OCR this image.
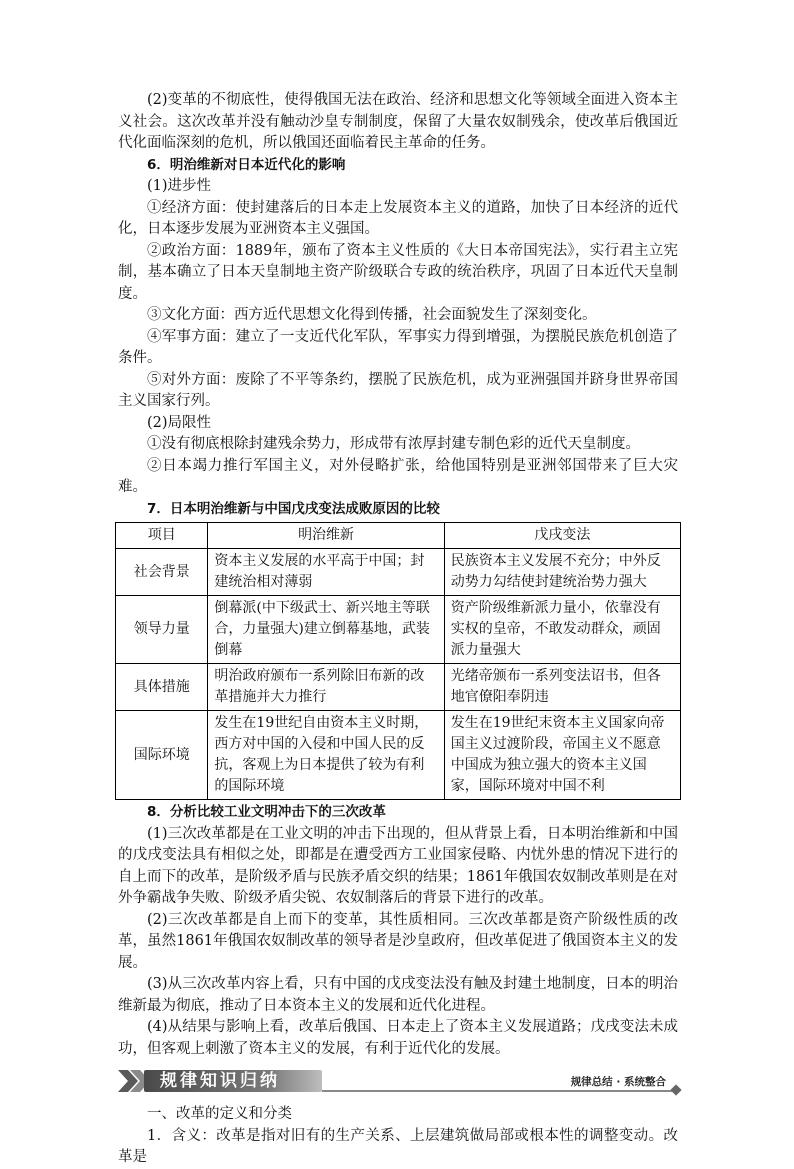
(2)变革的不彻底性，使得俄国无法在政治、经济和思想文化等领域全面进入资本主义社会。这次改革并没有触动沙皇专制制度，保留了大量农奴制残余，使改革后俄国近代化面临深刻的危机，所以俄国还面临着民主革命的任务。

6．明治维新对日本近代化的影响

(1)进步性

①经济方面：使封建落后的日本走上发展资本主义的道路，加快了日本经济的近代化，日本逐步发展为亚洲资本主义强国。

②政治方面：1889年，颁布了资本主义性质的《大日本帝国宪法》，实行君主立宪制，基本确立了日本天皇制地主资产阶级联合专政的统治秩序，巩固了日本近代天皇制度。

③文化方面：西方近代思想文化得到传播，社会面貌发生了深刻变化。

④军事方面：建立了一支近代化军队，军事实力得到增强，为摆脱民族危机创造了条件。

⑤对外方面：废除了不平等条约，摆脱了民族危机，成为亚洲强国并跻身世界帝国主义国家行列。

(2)局限性

①没有彻底根除封建残余势力，形成带有浓厚封建专制色彩的近代天皇制度。

②日本竭力推行军国主义，对外侵略扩张，给他国特别是亚洲邻国带来了巨大灾难。

7．日本明治维新与中国戊戌变法成败原因的比较

项目	明治维新	戊戌变法
社会背景	资本主义发展的水平高于中国；封建统治相对薄弱	民族资本主义发展不充分；中外反动势力勾结使封建统治势力强大
领导力量	倒幕派(中下级武士、新兴地主等联合，力量强大)建立倒幕基地，武装倒幕	资产阶级维新派力量小，依靠没有实权的皇帝，不敢发动群众，顽固派力量强大
具体措施	明治政府颁布一系列除旧布新的改革措施并大力推行	光绪帝颁布一系列变法诏书，但各地官僚阳奉阴违
国际环境	发生在19世纪自由资本主义时期，西方对中国的入侵和中国人民的反抗，客观上为日本提供了较为有利的国际环境	发生在19世纪末资本主义国家向帝国主义过渡阶段，帝国主义不愿意中国成为独立强大的资本主义国家，国际环境对中国不利

8．分析比较工业文明冲击下的三次改革

(1)三次改革都是在工业文明的冲击下出现的，但从背景上看，日本明治维新和中国的戊戌变法具有相似之处，即都是在遭受西方工业国家侵略、内忧外患的情况下进行的自上而下的改革，是阶级矛盾与民族矛盾交织的结果；1861年俄国农奴制改革则是在对外争霸战争失败、阶级矛盾尖锐、农奴制落后的背景下进行的改革。

(2)三次改革都是自上而下的变革，其性质相同。三次改革都是资产阶级性质的改革，虽然1861年俄国农奴制改革的领导者是沙皇政府，但改革促进了俄国资本主义的发展。

(3)从三次改革内容上看，只有中国的戊戌变法没有触及封建土地制度，日本的明治维新最为彻底，推动了日本资本主义的发展和近代化进程。

(4)从结果与影响上看，改革后俄国、日本走上了资本主义发展道路；戊戌变法未成功，但客观上刺激了资本主义的发展，有利于近代化的发展。

规律知识归纳	规律总结 · 系统整合

一、改革的定义和分类

1．含义：改革是指对旧有的生产关系、上层建筑做局部或根本性的调整变动。改革是
